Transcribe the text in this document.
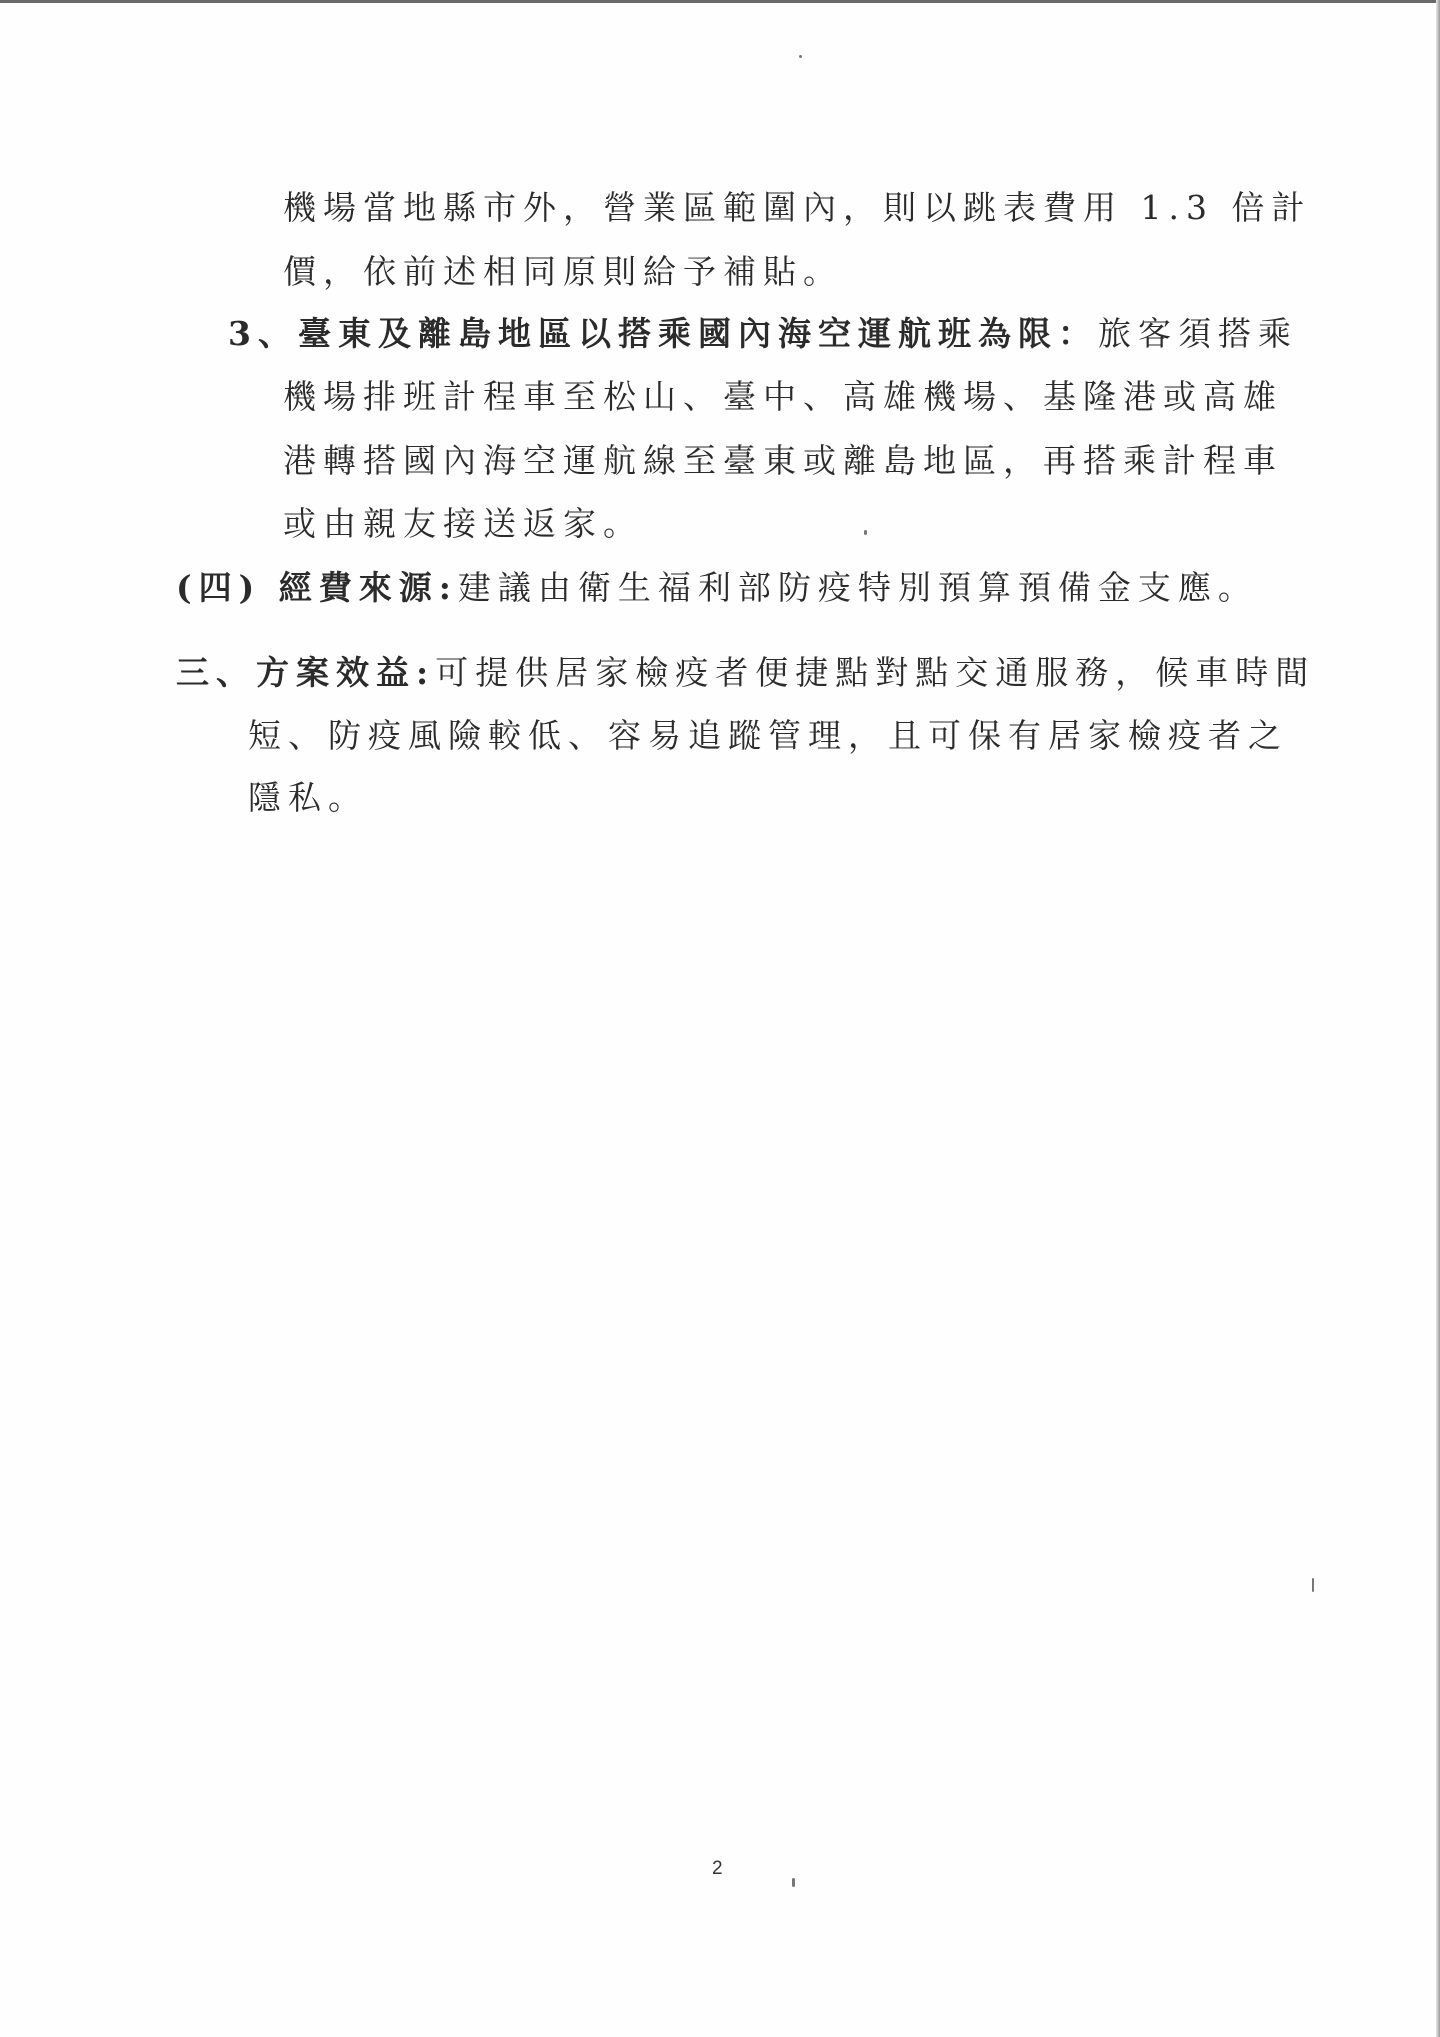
機場當地縣市外，營業區範圍內，則以跳表費用 1.3 倍計
價，依前述相同原則給予補貼。
3、臺東及離島地區以搭乘國內海空運航班為限：旅客須搭乘
機場排班計程車至松山、臺中、高雄機場、基隆港或高雄
港轉搭國內海空運航線至臺東或離島地區，再搭乘計程車
或由親友接送返家。
(四) 經費來源:建議由衛生福利部防疫特別預算預備金支應。
三、方案效益:可提供居家檢疫者便捷點對點交通服務，候車時間
短、防疫風險較低、容易追蹤管理，且可保有居家檢疫者之
隱私。
2
